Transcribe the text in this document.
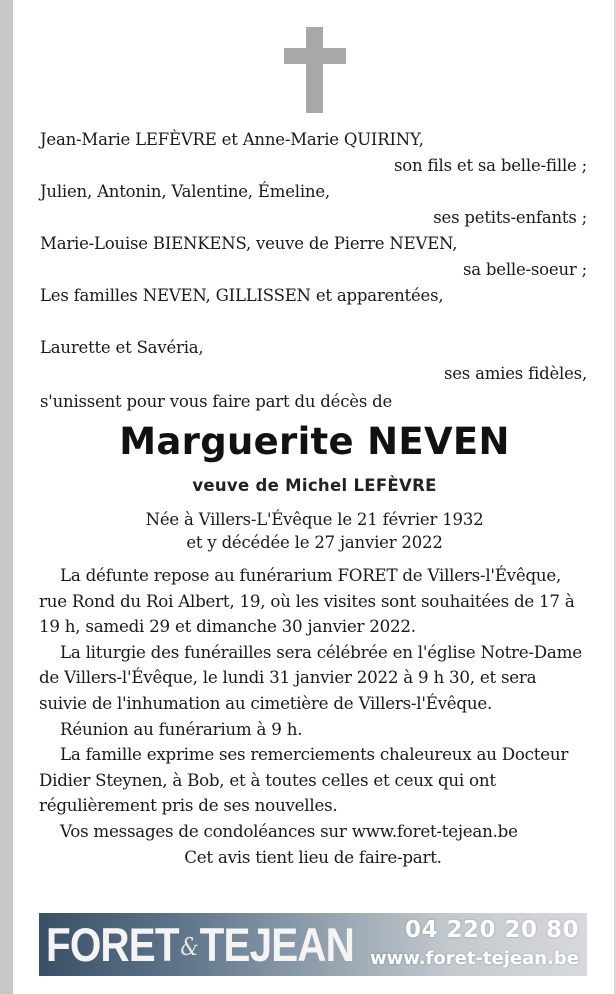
Jean-Marie LEFÈVRE et Anne-Marie QUIRINY,
son fils et sa belle-fille ;
Julien, Antonin, Valentine, Émeline,
ses petits-enfants ;
Marie-Louise BIENKENS, veuve de Pierre NEVEN,
sa belle-soeur ;
Les familles NEVEN, GILLISSEN et apparentées,
Laurette et Savéria,
ses amies fidèles,
s'unissent pour vous faire part du décès de
Marguerite NEVEN
veuve de Michel LEFÈVRE
Née à Villers-L'Évêque le 21 février 1932
et y décédée le 27 janvier 2022

La défunte repose au funérarium FORET de Villers-l'Évêque, rue Rond du Roi Albert, 19, où les visites sont souhaitées de 17 à 19 h, samedi 29 et dimanche 30 janvier 2022.

La liturgie des funérailles sera célébrée en l'église Notre-Dame de Villers-l'Évêque, le lundi 31 janvier 2022 à 9 h 30, et sera suivie de l'inhumation au cimetière de Villers-l'Évêque.

Réunion au funérarium à 9 h.

La famille exprime ses remerciements chaleureux au Docteur Didier Steynen, à Bob, et à toutes celles et ceux qui ont régulièrement pris de ses nouvelles.

Vos messages de condoléances sur www.foret-tejean.be

Cet avis tient lieu de faire-part.

FORET&TEJEAN 04 220 20 80
www.foret-tejean.be
